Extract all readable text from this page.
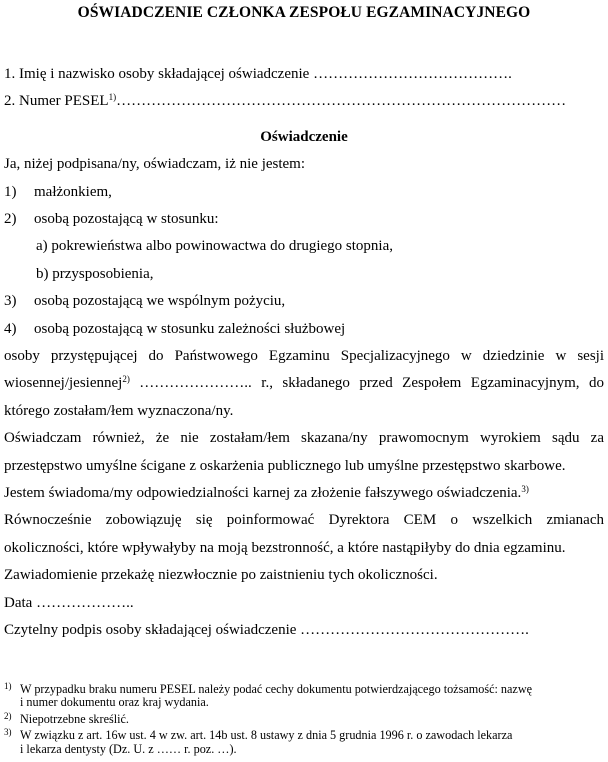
OŚWIADCZENIE CZŁONKA ZESPOŁU EGZAMINACYJNEGO
1. Imię i nazwisko osoby składającej oświadczenie ………………………………….
2. Numer PESEL$^{1)}$………………………………………………………………………………
Oświadczenie
Ja, niżej podpisana/ny, oświadczam, iż nie jestem:
1) małżonkiem,
2) osobą pozostającą w stosunku:
a) pokrewieństwa albo powinowactwa do drugiego stopnia,
b) przysposobienia,
3) osobą pozostającą we wspólnym pożyciu,
4) osobą pozostającą w stosunku zależności służbowej
osoby przystępującej do Państwowego Egzaminu Specjalizacyjnego w dziedzinie w sesji
wiosennej/jesiennej$^{2)}$ ………………….. r., składanego przed Zespołem Egzaminacyjnym, do
którego zostałam/łem wyznaczona/ny.
Oświadczam również, że nie zostałam/łem skazana/ny prawomocnym wyrokiem sądu za
przestępstwo umyślne ścigane z oskarżenia publicznego lub umyślne przestępstwo skarbowe.
Jestem świadoma/my odpowiedzialności karnej za złożenie fałszywego oświadczenia.$^{3)}$
Równocześnie zobowiązuję się poinformować Dyrektora CEM o wszelkich zmianach
okoliczności, które wpływałyby na moją bezstronność, a które nastąpiłyby do dnia egzaminu.
Zawiadomienie przekażę niezwłocznie po zaistnieniu tych okoliczności.
Data ………………..
Czytelny podpis osoby składającej oświadczenie ……………………………………….
1) W przypadku braku numeru PESEL należy podać cechy dokumentu potwierdzającego tożsamość: nazwę
i numer dokumentu oraz kraj wydania.
2) Niepotrzebne skreślić.
3) W związku z art. 16w ust. 4 w zw. art. 14b ust. 8 ustawy z dnia 5 grudnia 1996 r. o zawodach lekarza
i lekarza dentysty (Dz. U. z …… r. poz. …).
